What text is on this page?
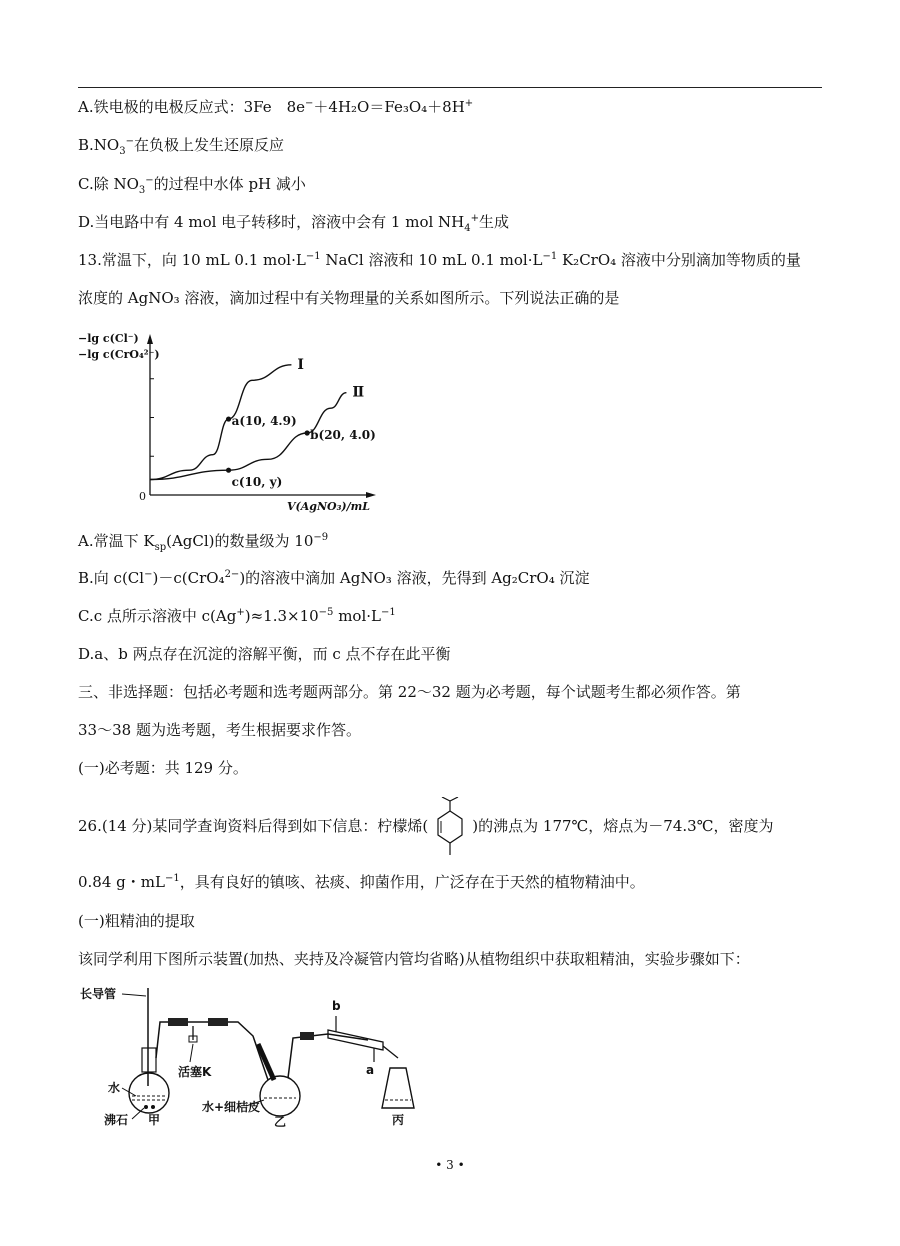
A.铁电极的电极反应式：3Fe　8e−＋4H₂O＝Fe₃O₄＋8H+
$B.NO_3^-$在负极上发生还原反应
C.除 $NO_3^-$的过程中水体 pH 减小
D.当电路中有 4 mol 电子转移时，溶液中会有 1 mol $NH_4^+$生成
13.常温下，向 10 mL 0.1 $mol\cdot L^{-1}$ NaCl 溶液和 10 mL 0.1 $mol\cdot L^{-1}$ K₂CrO₄ 溶液中分别滴加等物质的量
浓度的 AgNO₃ 溶液，滴加过程中有关物理量的关系如图所示。下列说法正确的是
−lg c(Cl⁻)
−lg c(CrO₄²⁻)
0
V(AgNO₃)/mL
Ⅰ
Ⅱ
a(10, 4.9)
b(20, 4.0)
c(10, y)
A.常温下 $K_{sp}(AgCl)$的数量级为 $10^{-9}$
B.向 c(Cl−)－c(CrO₄$^{2-}$)的溶液中滴加 AgNO₃ 溶液，先得到 Ag₂CrO₄ 沉淀
C.c 点所示溶液中 $c(Ag^+)\approx 1.3\times 10^{-5}$ $mol\cdot L^{-1}$
D.a、b 两点存在沉淀的溶解平衡，而 c 点不存在此平衡
三、非选择题：包括必考题和选考题两部分。第 22～32 题为必考题，每个试题考生都必须作答。第
33～38 题为选考题，考生根据要求作答。
(一)必考题：共 129 分。
26.(14 分)某同学查询资料后得到如下信息：柠檬烯(	)的沸点为 177℃，熔点为－74.3℃，密度为
0.84 g・$mL^{-1}$，具有良好的镇咳、祛痰、抑菌作用，广泛存在于天然的植物精油中。
(一)粗精油的提取
该同学利用下图所示装置(加热、夹持及冷凝管内管均省略)从植物组织中获取粗精油，实验步骤如下：
长导管
活塞K
水
沸石 甲
水+细桔皮
乙
b
a
丙
• 3 •
